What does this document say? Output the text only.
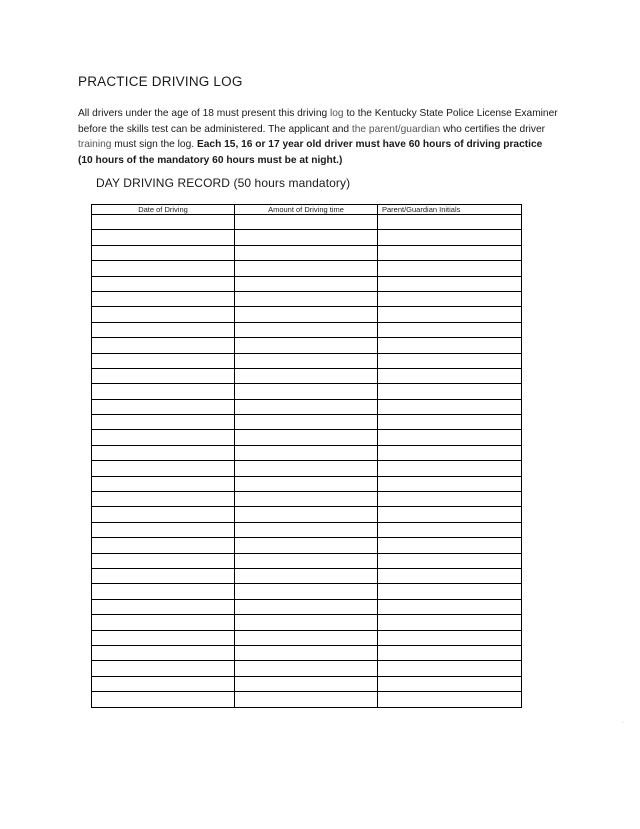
PRACTICE DRIVING LOG

All drivers under the age of 18 must present this driving log to the Kentucky State Police License Examiner before the skills test can be administered. The applicant and the parent/guardian who certifies the driver training must sign the log. Each 15, 16 or 17 year old driver must have 60 hours of driving practice (10 hours of the mandatory 60 hours must be at night.)

DAY DRIVING RECORD (50 hours mandatory)
Date of Driving	Amount of Driving time	Parent/Guardian Initials

,
